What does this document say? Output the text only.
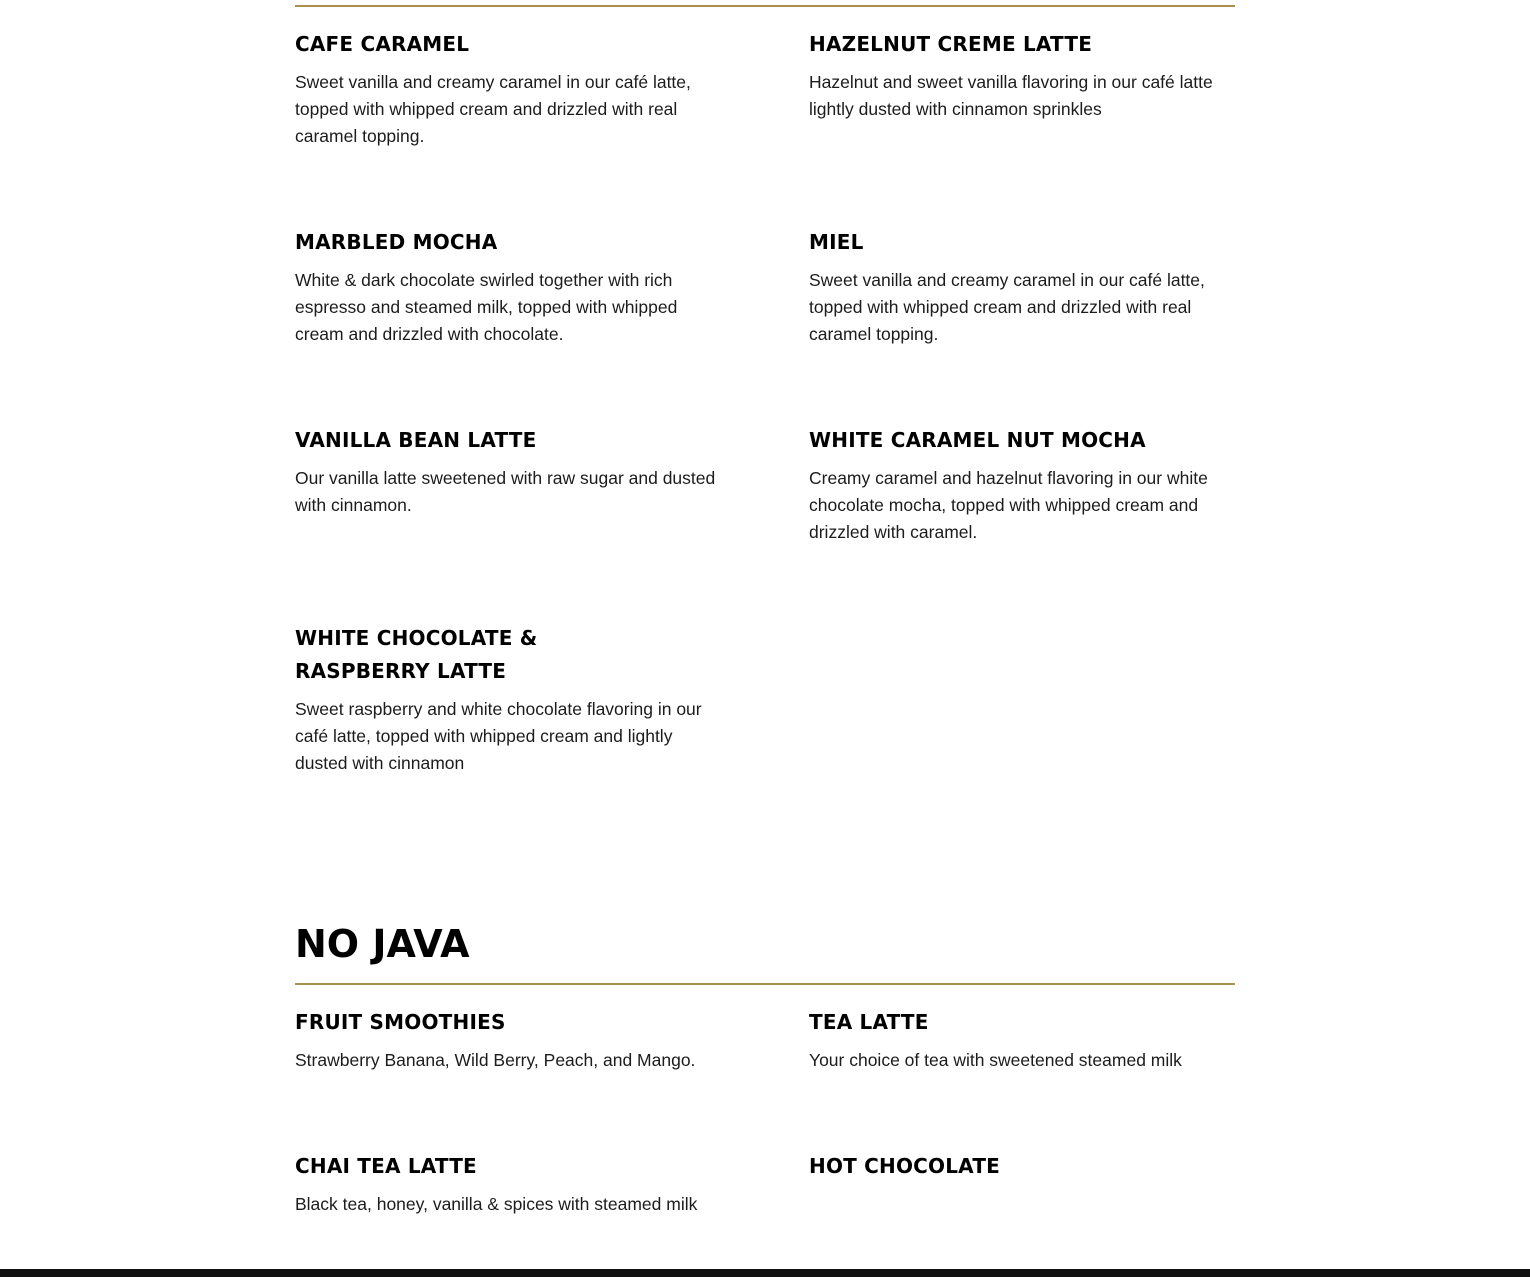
CAFE CARAMEL

Sweet vanilla and creamy caramel in our café latte, topped with whipped cream and drizzled with real caramel topping.

HAZELNUT CREME LATTE

Hazelnut and sweet vanilla flavoring in our café latte lightly dusted with cinnamon sprinkles

MARBLED MOCHA

White & dark chocolate swirled together with rich espresso and steamed milk, topped with whipped cream and drizzled with chocolate.

MIEL

Sweet vanilla and creamy caramel in our café latte, topped with whipped cream and drizzled with real caramel topping.

VANILLA BEAN LATTE

Our vanilla latte sweetened with raw sugar and dusted with cinnamon.

WHITE CARAMEL NUT MOCHA

Creamy caramel and hazelnut flavoring in our white chocolate mocha, topped with whipped cream and drizzled with caramel.

WHITE CHOCOLATE & RASPBERRY LATTE

Sweet raspberry and white chocolate flavoring in our café latte, topped with whipped cream and lightly dusted with cinnamon

NO JAVA
FRUIT SMOOTHIES

Strawberry Banana, Wild Berry, Peach, and Mango.

TEA LATTE

Your choice of tea with sweetened steamed milk

CHAI TEA LATTE

Black tea, honey, vanilla & spices with steamed milk

HOT CHOCOLATE
